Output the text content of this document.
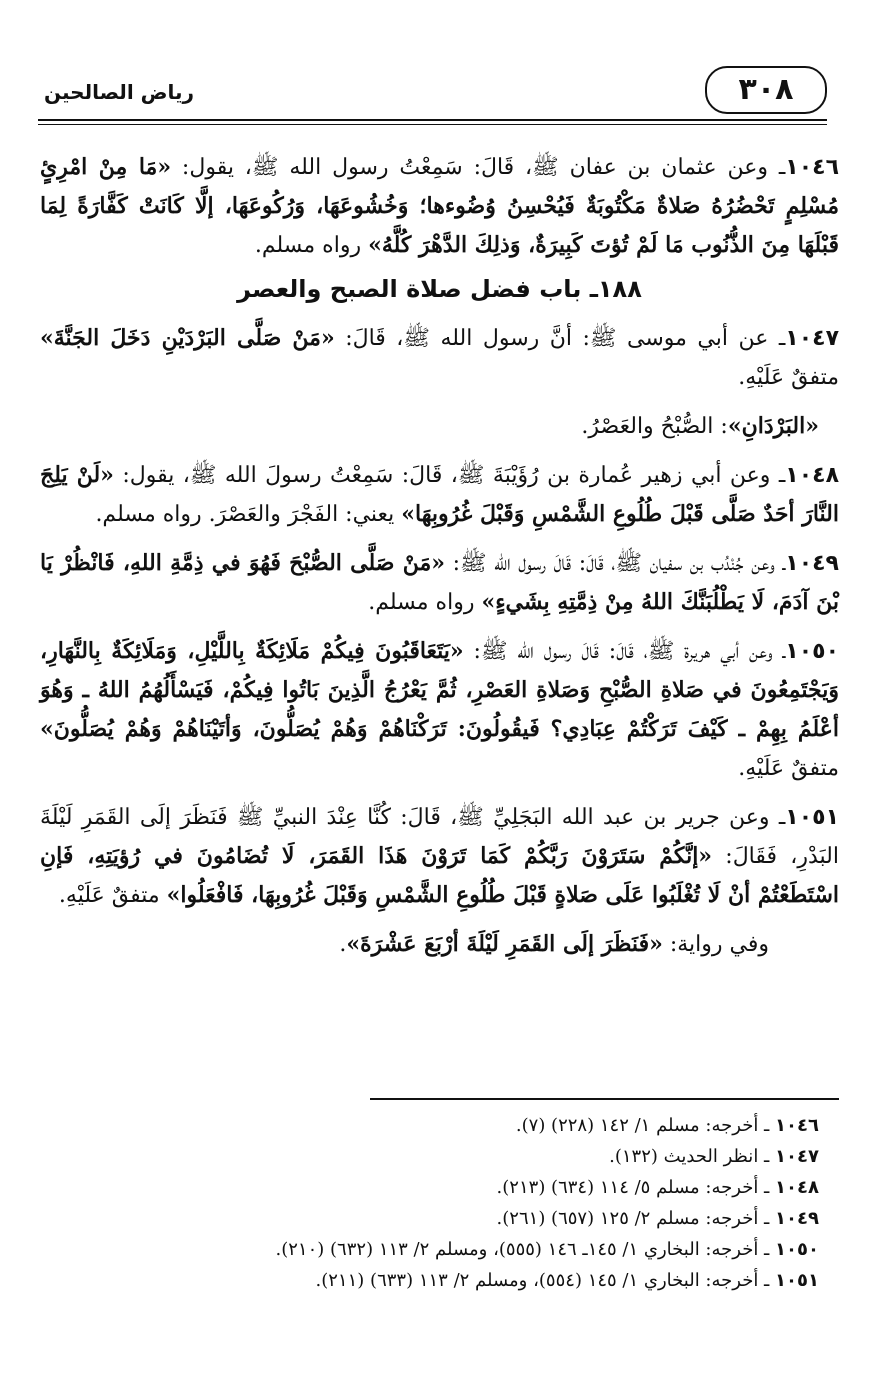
٣٠٨
رياض الصالحين

١٠٤٦ـ وعن عثمان بن عفان ﷺ، قَالَ: سَمِعْتُ رسول الله ﷺ، يقول: «مَا مِنْ امْرِئٍ مُسْلِمٍ تَحْضُرُهُ صَلاةٌ مَكْتُوبَةٌ فَيُحْسِنُ وُضُوءها؛ وَخُشُوعَهَا، وَرُكُوعَهَا، إلَّا كَانَتْ كَفَّارَةً لِمَا قَبْلَهَا مِنَ الذُّنُوب مَا لَمْ تُؤتَ كَبِيرَةٌ، وَذلِكَ الدَّهْرَ كُلَّهُ» رواه مسلم.

١٨٨ـ باب فضل صلاة الصبح والعصر

١٠٤٧ـ عن أبي موسى ﷺ: أنَّ رسول الله ﷺ، قَالَ: «مَنْ صَلَّى البَرْدَيْنِ دَخَلَ الجَنَّةَ» متفقٌ عَلَيْهِ.

«البَرْدَانِ»: الصُّبْحُ والعَصْرُ.

١٠٤٨ـ وعن أبي زهير عُمارة بن رُؤَيْبَةَ ﷺ، قَالَ: سَمِعْتُ رسولَ الله ﷺ، يقول: «لَنْ يَلِجَ النَّارَ أحَدٌ صَلَّى قَبْلَ طُلُوعِ الشَّمْسِ وَقَبْلَ غُرُوبِهَا» يعني: الفَجْرَ والعَصْرَ. رواه مسلم.

١٠٤٩ـ وعن جُنْدُب بن سفيان ﷺ، قَالَ: قَالَ رسول الله ﷺ: «مَنْ صَلَّى الصُّبْحَ فَهُوَ في ذِمَّةِ اللهِ، فَانْظُرْ يَا بْنَ آدَمَ، لَا يَطْلُبَنَّكَ اللهُ مِنْ ذِمَّتِهِ بِشَيءٍ» رواه مسلم.

١٠٥٠ـ وعن أبي هريرة ﷺ، قَالَ: قَالَ رسول الله ﷺ: «يَتَعَاقَبُونَ فِيكُمْ مَلَائِكَةٌ بِاللَّيْلِ، وَمَلَائِكَةٌ بِالنَّهَارِ، وَيَجْتَمِعُونَ في صَلاةِ الصُّبْحِ وَصَلاةِ العَصْرِ، ثُمَّ يَعْرُجُ الَّذِينَ بَاتُوا فِيكُمْ، فَيَسْأَلُهُمُ اللهُ ـ وَهُوَ أعْلَمُ بِهِمْ ـ كَيْفَ تَرَكْتُمْ عِبَادِي؟ فَيقُولُونَ: تَرَكْنَاهُمْ وَهُمْ يُصَلُّونَ، وَأتَيْنَاهُمْ وَهُمْ يُصَلُّونَ» متفقٌ عَلَيْهِ.

١٠٥١ـ وعن جرير بن عبد الله البَجَلِيِّ ﷺ، قَالَ: كُنَّا عِنْدَ النبيِّ ﷺ فَنَظَرَ إلَى القَمَرِ لَيْلَةَ البَدْرِ، فَقَالَ: «إنَّكُمْ سَتَرَوْنَ رَبَّكُمْ كَمَا تَرَوْنَ هَذَا القَمَرَ، لَا تُضَامُونَ في رُؤيَتِهِ، فَإنِ اسْتَطَعْتُمْ أنْ لَا تُغْلَبُوا عَلَى صَلاةٍ قَبْلَ طُلُوعِ الشَّمْسِ وَقَبْلَ غُرُوبِهَا، فَافْعَلُوا» متفقٌ عَلَيْهِ.

وفي رواية: «فَنَظَرَ إلَى القَمَرِ لَيْلَةَ أرْبَعَ عَشْرَةَ».

١٠٤٦ ـ أخرجه: مسلم ١/ ١٤٢ (٢٢٨) (٧).
١٠٤٧ ـ انظر الحديث (١٣٢).
١٠٤٨ ـ أخرجه: مسلم ٥/ ١١٤ (٦٣٤) (٢١٣).
١٠٤٩ ـ أخرجه: مسلم ٢/ ١٢٥ (٦٥٧) (٢٦١).
١٠٥٠ ـ أخرجه: البخاري ١/ ١٤٥ـ ١٤٦ (٥٥٥)، ومسلم ٢/ ١١٣ (٦٣٢) (٢١٠).
١٠٥١ ـ أخرجه: البخاري ١/ ١٤٥ (٥٥٤)، ومسلم ٢/ ١١٣ (٦٣٣) (٢١١).
